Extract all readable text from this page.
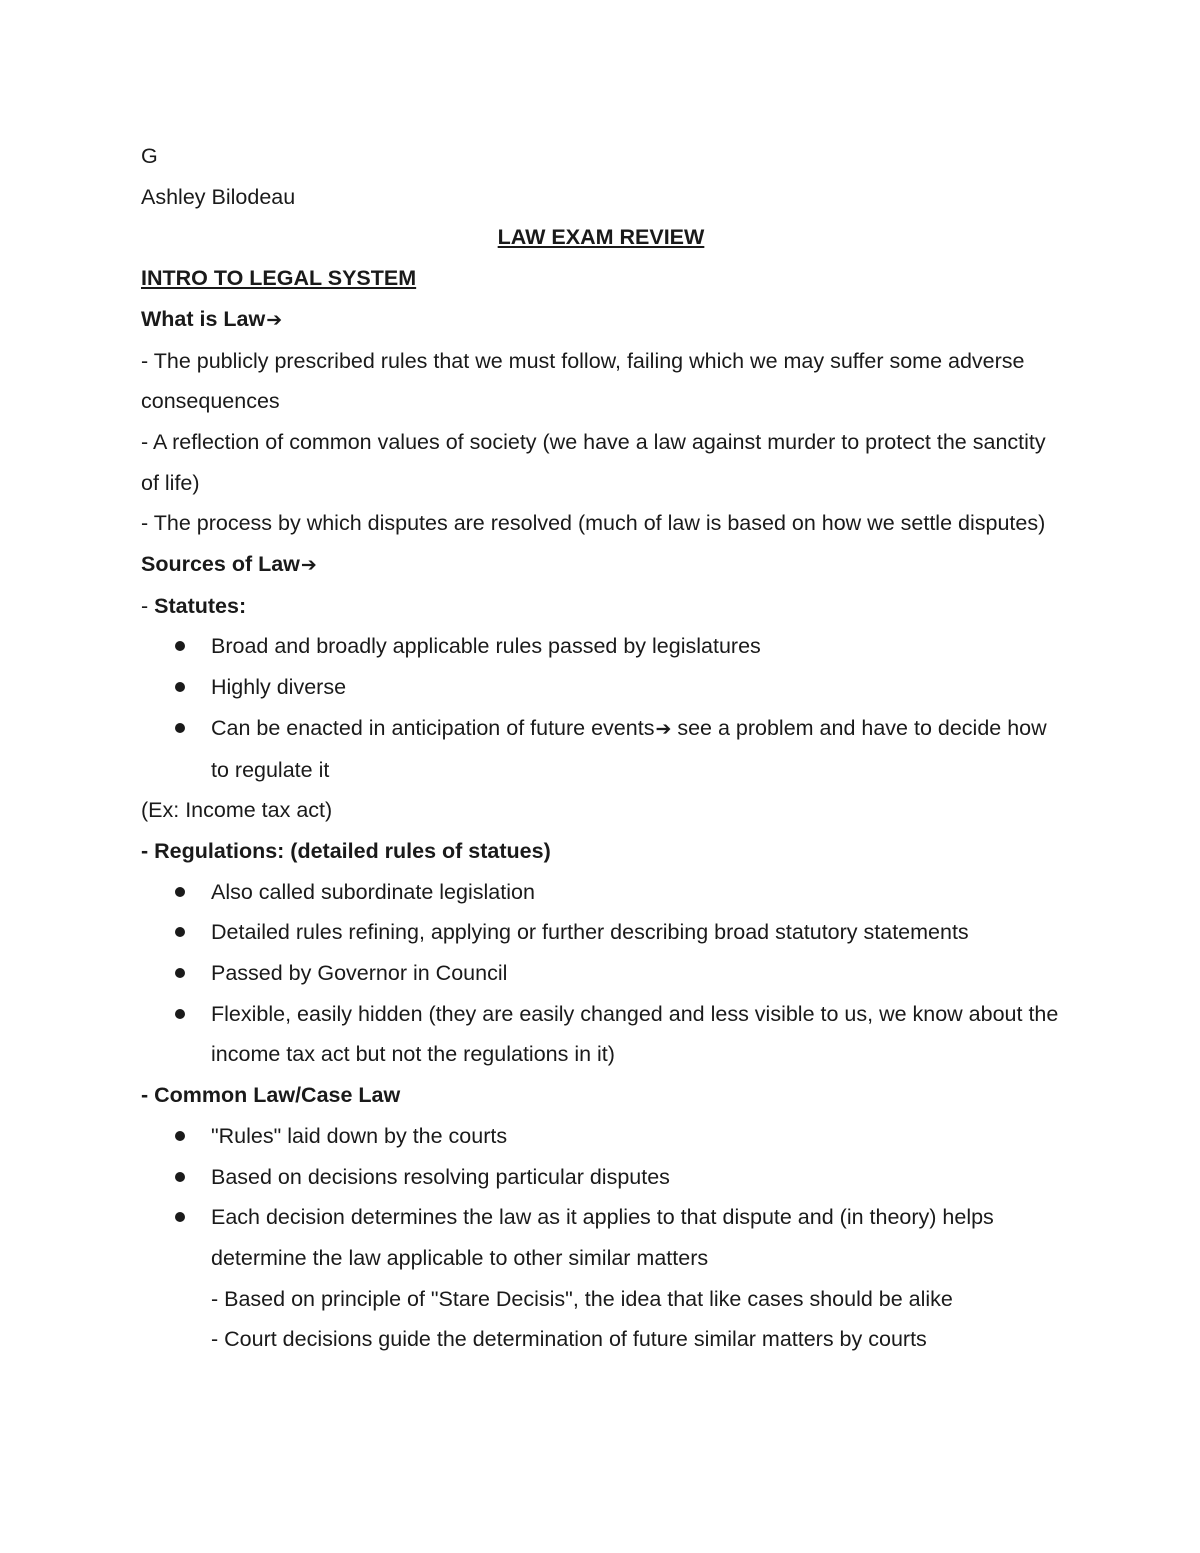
G

Ashley Bilodeau

LAW EXAM REVIEW

INTRO TO LEGAL SYSTEM

What is Law➔

- The publicly prescribed rules that we must follow, failing which we may suffer some adverse consequences

- A reflection of common values of society (we have a law against murder to protect the sanctity of life)

- The process by which disputes are resolved (much of law is based on how we settle disputes)

Sources of Law➔

- Statutes:

Broad and broadly applicable rules passed by legislatures
Highly diverse
Can be enacted in anticipation of future events➔ see a problem and have to decide how to regulate it

(Ex: Income tax act)

- Regulations: (detailed rules of statues)

Also called subordinate legislation
Detailed rules refining, applying or further describing broad statutory statements
Passed by Governor in Council
Flexible, easily hidden (they are easily changed and less visible to us, we know about the income tax act but not the regulations in it)

- Common Law/Case Law

"Rules" laid down by the courts
Based on decisions resolving particular disputes
Each decision determines the law as it applies to that dispute and (in theory) helps determine the law applicable to other similar matters

- Based on principle of "Stare Decisis", the idea that like cases should be alike

- Court decisions guide the determination of future similar matters by courts
